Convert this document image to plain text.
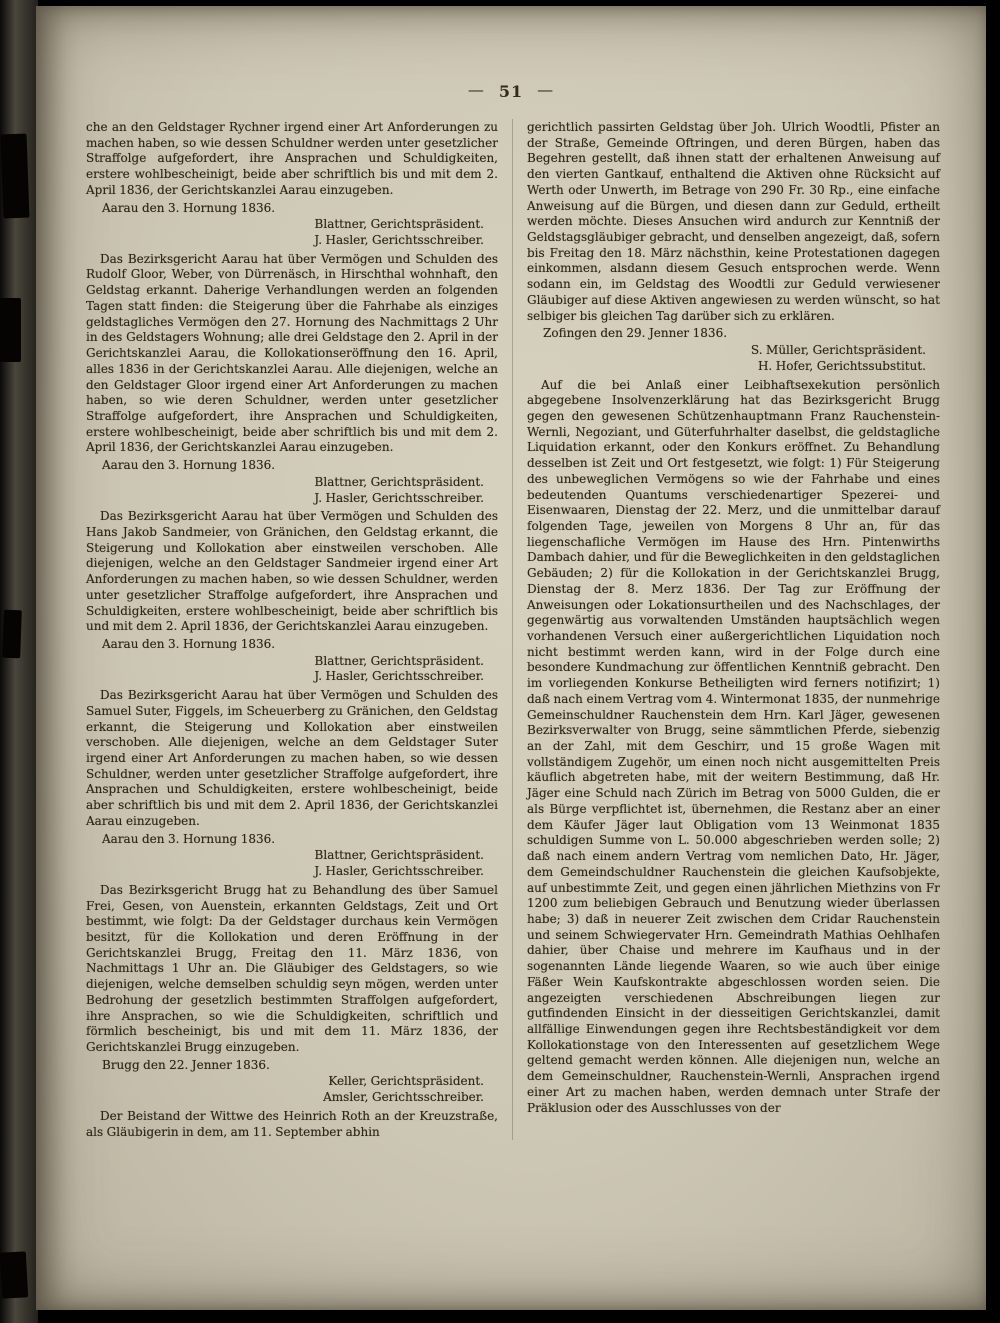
— 51 —

che an den Geldstager Rychner irgend einer Art Anforderungen zu machen haben, so wie dessen Schuldner werden unter gesetzlicher Straffolge aufgefordert, ihre Ansprachen und Schuldigkeiten, erstere wohlbescheinigt, beide aber schriftlich bis und mit dem 2. April 1836, der Gerichtskanzlei Aarau einzugeben.

Aarau den 3. Hornung 1836.

Blattner, Gerichtspräsident.

J. Hasler, Gerichtsschreiber.

Das Bezirksgericht Aarau hat über Vermögen und Schulden des Rudolf Gloor, Weber, von Dürrenäsch, in Hirschthal wohnhaft, den Geldstag erkannt. Daherige Verhandlungen werden an folgenden Tagen statt finden: die Steigerung über die Fahrhabe als einziges geldstagliches Vermögen den 27. Hornung des Nachmittags 2 Uhr in des Geldstagers Wohnung; alle drei Geldstage den 2. April in der Gerichtskanzlei Aarau, die Kollokationseröffnung den 16. April, alles 1836 in der Gerichtskanzlei Aarau. Alle diejenigen, welche an den Geldstager Gloor irgend einer Art Anforderungen zu machen haben, so wie deren Schuldner, werden unter gesetzlicher Straffolge aufgefordert, ihre Ansprachen und Schuldigkeiten, erstere wohlbescheinigt, beide aber schriftlich bis und mit dem 2. April 1836, der Gerichtskanzlei Aarau einzugeben.

Aarau den 3. Hornung 1836.

Blattner, Gerichtspräsident.

J. Hasler, Gerichtsschreiber.

Das Bezirksgericht Aarau hat über Vermögen und Schulden des Hans Jakob Sandmeier, von Gränichen, den Geldstag erkannt, die Steigerung und Kollokation aber einstweilen verschoben. Alle diejenigen, welche an den Geldstager Sandmeier irgend einer Art Anforderungen zu machen haben, so wie dessen Schuldner, werden unter gesetzlicher Straffolge aufgefordert, ihre Ansprachen und Schuldigkeiten, erstere wohlbescheinigt, beide aber schriftlich bis und mit dem 2. April 1836, der Gerichtskanzlei Aarau einzugeben.

Aarau den 3. Hornung 1836.

Blattner, Gerichtspräsident.

J. Hasler, Gerichtsschreiber.

Das Bezirksgericht Aarau hat über Vermögen und Schulden des Samuel Suter, Figgels, im Scheuerberg zu Gränichen, den Geldstag erkannt, die Steigerung und Kollokation aber einstweilen verschoben. Alle diejenigen, welche an dem Geldstager Suter irgend einer Art Anforderungen zu machen haben, so wie dessen Schuldner, werden unter gesetzlicher Straffolge aufgefordert, ihre Ansprachen und Schuldigkeiten, erstere wohlbescheinigt, beide aber schriftlich bis und mit dem 2. April 1836, der Gerichtskanzlei Aarau einzugeben.

Aarau den 3. Hornung 1836.

Blattner, Gerichtspräsident.

J. Hasler, Gerichtsschreiber.

Das Bezirksgericht Brugg hat zu Behandlung des über Samuel Frei, Gesen, von Auenstein, erkannten Geldstags, Zeit und Ort bestimmt, wie folgt: Da der Geldstager durchaus kein Vermögen besitzt, für die Kollokation und deren Eröffnung in der Gerichtskanzlei Brugg, Freitag den 11. März 1836, von Nachmittags 1 Uhr an. Die Gläubiger des Geldstagers, so wie diejenigen, welche demselben schuldig seyn mögen, werden unter Bedrohung der gesetzlich bestimmten Straffolgen aufgefordert, ihre Ansprachen, so wie die Schuldigkeiten, schriftlich und förmlich bescheinigt, bis und mit dem 11. März 1836, der Gerichtskanzlei Brugg einzugeben.

Brugg den 22. Jenner 1836.

Keller, Gerichtspräsident.

Amsler, Gerichtsschreiber.

Der Beistand der Wittwe des Heinrich Roth an der Kreuzstraße, als Gläubigerin in dem, am 11. September abhin

gerichtlich passirten Geldstag über Joh. Ulrich Woodtli, Pfister an der Straße, Gemeinde Oftringen, und deren Bürgen, haben das Begehren gestellt, daß ihnen statt der erhaltenen Anweisung auf den vierten Gantkauf, enthaltend die Aktiven ohne Rücksicht auf Werth oder Unwerth, im Betrage von 290 Fr. 30 Rp., eine einfache Anweisung auf die Bürgen, und diesen dann zur Geduld, ertheilt werden möchte. Dieses Ansuchen wird andurch zur Kenntniß der Geldstagsgläubiger gebracht, und denselben angezeigt, daß, sofern bis Freitag den 18. März nächsthin, keine Protestationen dagegen einkommen, alsdann diesem Gesuch entsprochen werde. Wenn sodann ein, im Geldstag des Woodtli zur Geduld verwiesener Gläubiger auf diese Aktiven angewiesen zu werden wünscht, so hat selbiger bis gleichen Tag darüber sich zu erklären.

Zofingen den 29. Jenner 1836.

S. Müller, Gerichtspräsident.

H. Hofer, Gerichtssubstitut.

Auf die bei Anlaß einer Leibhaftsexekution persönlich abgegebene Insolvenzerklärung hat das Bezirksgericht Brugg gegen den gewesenen Schützenhauptmann Franz Rauchenstein-Wernli, Negoziant, und Güterfuhrhalter daselbst, die geldstagliche Liquidation erkannt, oder den Konkurs eröffnet. Zu Behandlung desselben ist Zeit und Ort festgesetzt, wie folgt: 1) Für Steigerung des unbeweglichen Vermögens so wie der Fahrhabe und eines bedeutenden Quantums verschiedenartiger Spezerei- und Eisenwaaren, Dienstag der 22. Merz, und die unmittelbar darauf folgenden Tage, jeweilen von Morgens 8 Uhr an, für das liegenschafliche Vermögen im Hause des Hrn. Pintenwirths Dambach dahier, und für die Beweglichkeiten in den geldstaglichen Gebäuden; 2) für die Kollokation in der Gerichtskanzlei Brugg, Dienstag der 8. Merz 1836. Der Tag zur Eröffnung der Anweisungen oder Lokationsurtheilen und des Nachschlages, der gegenwärtig aus vorwaltenden Umständen hauptsächlich wegen vorhandenen Versuch einer außergerichtlichen Liquidation noch nicht bestimmt werden kann, wird in der Folge durch eine besondere Kundmachung zur öffentlichen Kenntniß gebracht. Den im vorliegenden Konkurse Betheiligten wird ferners notifizirt; 1) daß nach einem Vertrag vom 4. Wintermonat 1835, der nunmehrige Gemeinschuldner Rauchenstein dem Hrn. Karl Jäger, gewesenen Bezirksverwalter von Brugg, seine sämmtlichen Pferde, siebenzig an der Zahl, mit dem Geschirr, und 15 große Wagen mit vollständigem Zugehör, um einen noch nicht ausgemittelten Preis käuflich abgetreten habe, mit der weitern Bestimmung, daß Hr. Jäger eine Schuld nach Zürich im Betrag von 5000 Gulden, die er als Bürge verpflichtet ist, übernehmen, die Restanz aber an einer dem Käufer Jäger laut Obligation vom 13 Weinmonat 1835 schuldigen Summe von L. 50.000 abgeschrieben werden solle; 2) daß nach einem andern Vertrag vom nemlichen Dato, Hr. Jäger, dem Gemeindschuldner Rauchenstein die gleichen Kaufsobjekte, auf unbestimmte Zeit, und gegen einen jährlichen Miethzins von Fr 1200 zum beliebigen Gebrauch und Benutzung wieder überlassen habe; 3) daß in neuerer Zeit zwischen dem Cridar Rauchenstein und seinem Schwiegervater Hrn. Gemeindrath Mathias Oehlhafen dahier, über Chaise und mehrere im Kaufhaus und in der sogenannten Lände liegende Waaren, so wie auch über einige Fäßer Wein Kaufskontrakte abgeschlossen worden seien. Die angezeigten verschiedenen Abschreibungen liegen zur gutfindenden Einsicht in der diesseitigen Gerichtskanzlei, damit allfällige Einwendungen gegen ihre Rechtsbeständigkeit vor dem Kollokationstage von den Interessenten auf gesetzlichem Wege geltend gemacht werden können. Alle diejenigen nun, welche an dem Gemeinschuldner, Rauchenstein-Wernli, Ansprachen irgend einer Art zu machen haben, werden demnach unter Strafe der Präklusion oder des Ausschlusses von der
